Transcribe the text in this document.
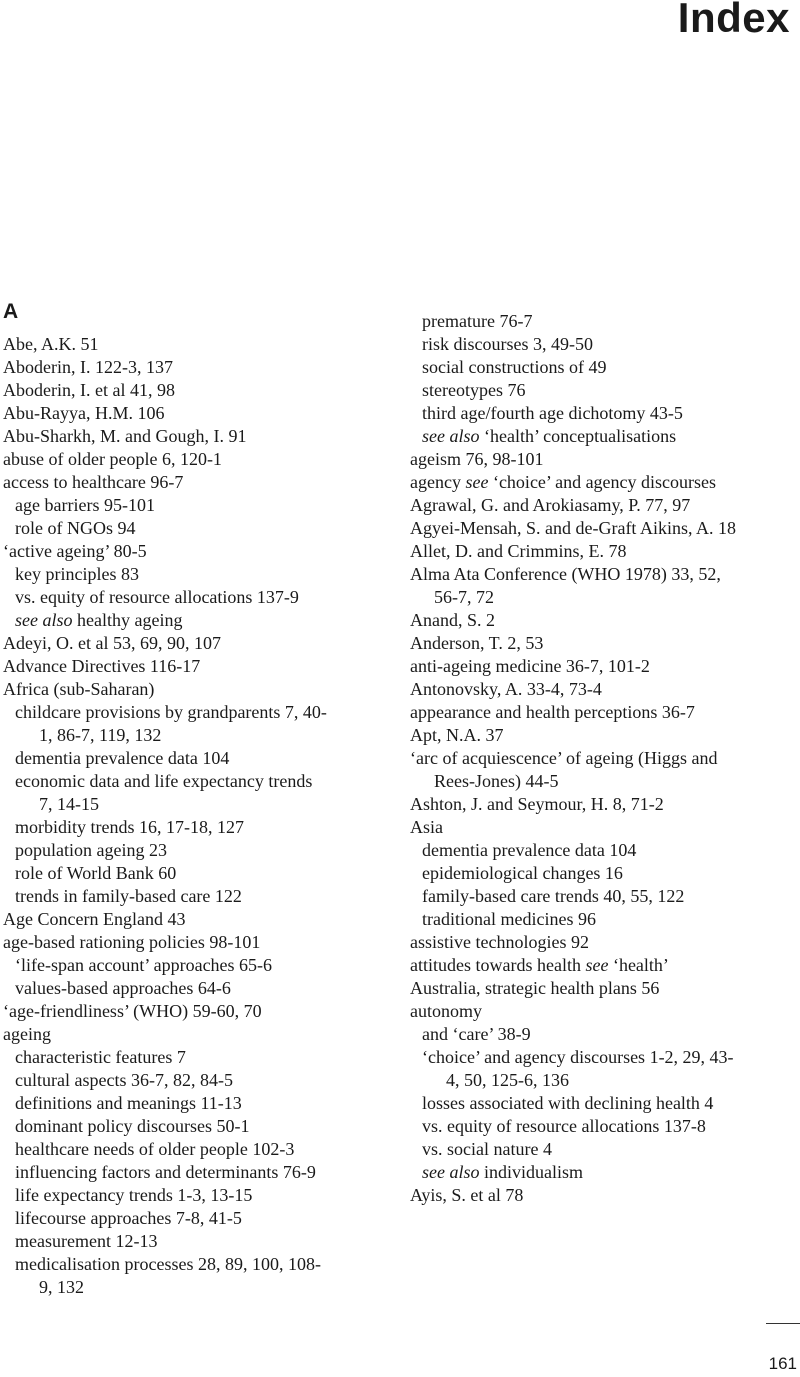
Index
A
Abe, A.K. 51
Aboderin, I. 122-3, 137
Aboderin, I. et al 41, 98
Abu-Rayya, H.M. 106
Abu-Sharkh, M. and Gough, I. 91
abuse of older people 6, 120-1
access to healthcare 96-7
age barriers 95-101
role of NGOs 94
‘active ageing’ 80-5
key principles 83
vs. equity of resource allocations 137-9
see also healthy ageing
Adeyi, O. et al 53, 69, 90, 107
Advance Directives 116-17
Africa (sub-Saharan)
childcare provisions by grandparents 7, 40-
1, 86-7, 119, 132
dementia prevalence data 104
economic data and life expectancy trends
7, 14-15
morbidity trends 16, 17-18, 127
population ageing 23
role of World Bank 60
trends in family-based care 122
Age Concern England 43
age-based rationing policies 98-101
‘life-span account’ approaches 65-6
values-based approaches 64-6
‘age-friendliness’ (WHO) 59-60, 70
ageing
characteristic features 7
cultural aspects 36-7, 82, 84-5
definitions and meanings 11-13
dominant policy discourses 50-1
healthcare needs of older people 102-3
influencing factors and determinants 76-9
life expectancy trends 1-3, 13-15
lifecourse approaches 7-8, 41-5
measurement 12-13
medicalisation processes 28, 89, 100, 108-
9, 132
premature 76-7
risk discourses 3, 49-50
social constructions of 49
stereotypes 76
third age/fourth age dichotomy 43-5
see also ‘health’ conceptualisations
ageism 76, 98-101
agency see ‘choice’ and agency discourses
Agrawal, G. and Arokiasamy, P. 77, 97
Agyei-Mensah, S. and de-Graft Aikins, A. 18
Allet, D. and Crimmins, E. 78
Alma Ata Conference (WHO 1978) 33, 52,
56-7, 72
Anand, S. 2
Anderson, T. 2, 53
anti-ageing medicine 36-7, 101-2
Antonovsky, A. 33-4, 73-4
appearance and health perceptions 36-7
Apt, N.A. 37
‘arc of acquiescence’ of ageing (Higgs and
Rees-Jones) 44-5
Ashton, J. and Seymour, H. 8, 71-2
Asia
dementia prevalence data 104
epidemiological changes 16
family-based care trends 40, 55, 122
traditional medicines 96
assistive technologies 92
attitudes towards health see ‘health’
Australia, strategic health plans 56
autonomy
and ‘care’ 38-9
‘choice’ and agency discourses 1-2, 29, 43-
4, 50, 125-6, 136
losses associated with declining health 4
vs. equity of resource allocations 137-8
vs. social nature 4
see also individualism
Ayis, S. et al 78
161
